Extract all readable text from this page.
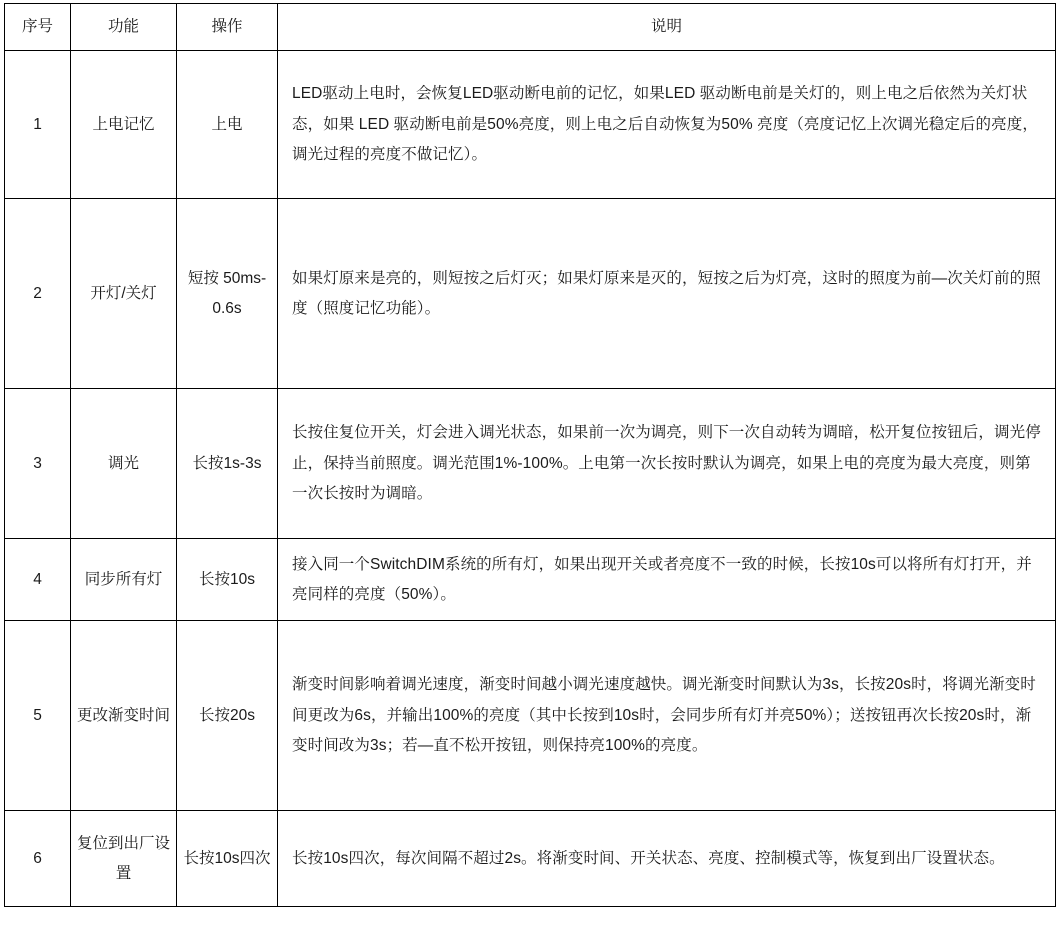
序号	功能	操作	说明
1	上电记忆	上电	LED驱动上电时，会恢复LED驱动断电前的记忆，如果LED 驱动断电前是关灯的，则上电之后依然为关灯状态，如果 LED 驱动断电前是50%亮度，则上电之后自动恢复为50% 亮度（亮度记忆上次调光稳定后的亮度，调光过程的亮度不做记忆）。
2	开灯/关灯	短按 50ms-0.6s	如果灯原来是亮的，则短按之后灯灭；如果灯原来是灭的，短按之后为灯亮，这时的照度为前—次关灯前的照度（照度记忆功能）。
3	调光	长按1s-3s	长按住复位开关，灯会进入调光状态，如果前一次为调亮，则下一次自动转为调暗，松开复位按钮后，调光停止，保持当前照度。调光范围1%-100%。上电第一次长按时默认为调亮，如果上电的亮度为最大亮度，则第一次长按时为调暗。
4	同步所有灯	长按10s	接入同一个SwitchDIM系统的所有灯，如果出现开关或者亮度不一致的时候，长按10s可以将所有灯打开，并亮同样的亮度（50%）。
5	更改渐变时间	长按20s	渐变时间影响着调光速度，渐变时间越小调光速度越快。调光渐变时间默认为3s，长按20s时，将调光渐变时间更改为6s，并输出100%的亮度（其中长按到10s时，会同步所有灯并亮50%）；送按钮再次长按20s时，渐变时间改为3s；若—直不松开按钮，则保持亮100%的亮度。
6	复位到出厂设置	长按10s四次	长按10s四次，每次间隔不超过2s。将渐变时间、开关状态、亮度、控制模式等，恢复到出厂设置状态。
